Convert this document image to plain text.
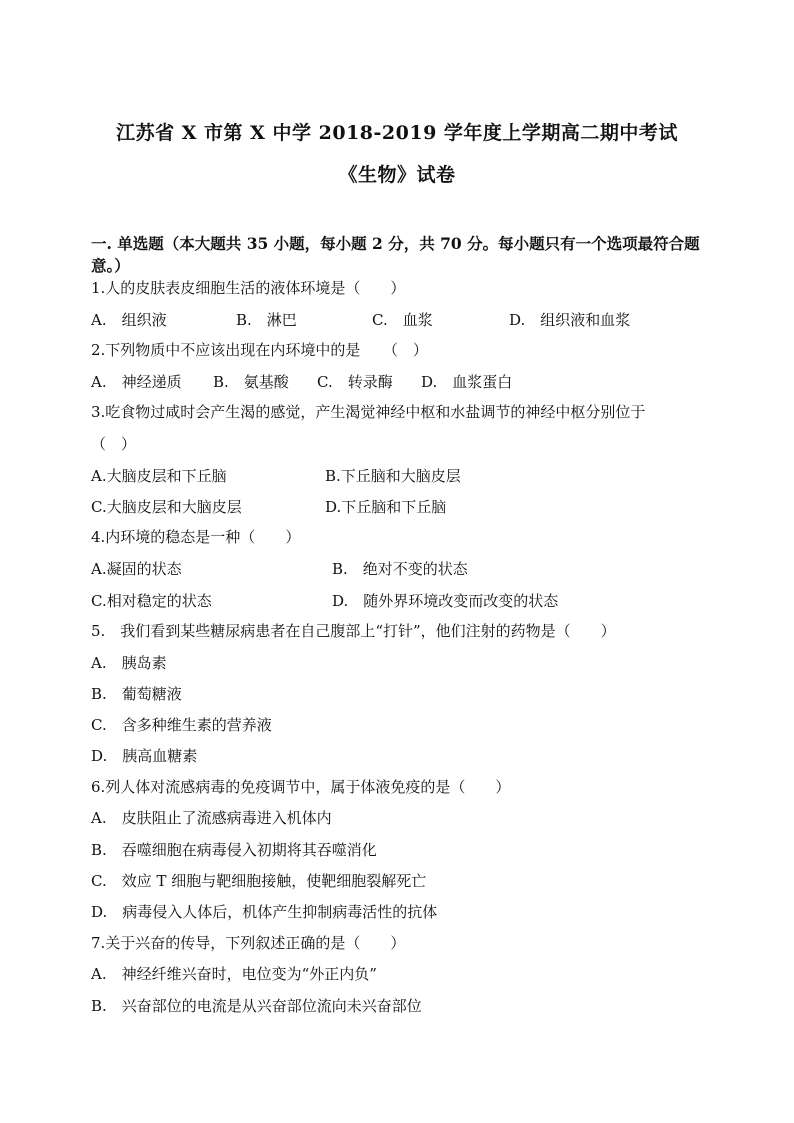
江苏省 X 市第 X 中学 2018-2019 学年度上学期高二期中考试
《生物》试卷
一. 单选题（本大题共 35 小题，每小题 2 分，共 70 分。每小题只有一个选项最符合题意。）
1.人的皮肤表皮细胞生活的液体环境是（　　）
A.　组织液	B.　淋巴	C.　血浆	D.　组织液和血浆
2.下列物质中不应该出现在内环境中的是　　（　）
A.　神经递质 B.　氨基酸 C.　转录酶 D.　血浆蛋白
3.吃食物过咸时会产生渴的感觉，产生渴觉神经中枢和水盐调节的神经中枢分别位于
（　）
A.大脑皮层和下丘脑	B.下丘脑和大脑皮层
C.大脑皮层和大脑皮层	D.下丘脑和下丘脑
4.内环境的稳态是一种（　　）
A.凝固的状态	B.　绝对不变的状态
C.相对稳定的状态	D.　随外界环境改变而改变的状态
5.　我们看到某些糖尿病患者在自己腹部上“打针”，他们注射的药物是（　　）
A.　胰岛素
B.　葡萄糖液
C.　含多种维生素的营养液
D.　胰高血糖素
6.列人体对流感病毒的免疫调节中，属于体液免疫的是（　　）
A.　皮肤阻止了流感病毒进入机体内
B.　吞噬细胞在病毒侵入初期将其吞噬消化
C.　效应 T 细胞与靶细胞接触，使靶细胞裂解死亡
D.　病毒侵入人体后，机体产生抑制病毒活性的抗体
7.关于兴奋的传导，下列叙述正确的是（　　）
A.　神经纤维兴奋时，电位变为“外正内负”
B.　兴奋部位的电流是从兴奋部位流向未兴奋部位
